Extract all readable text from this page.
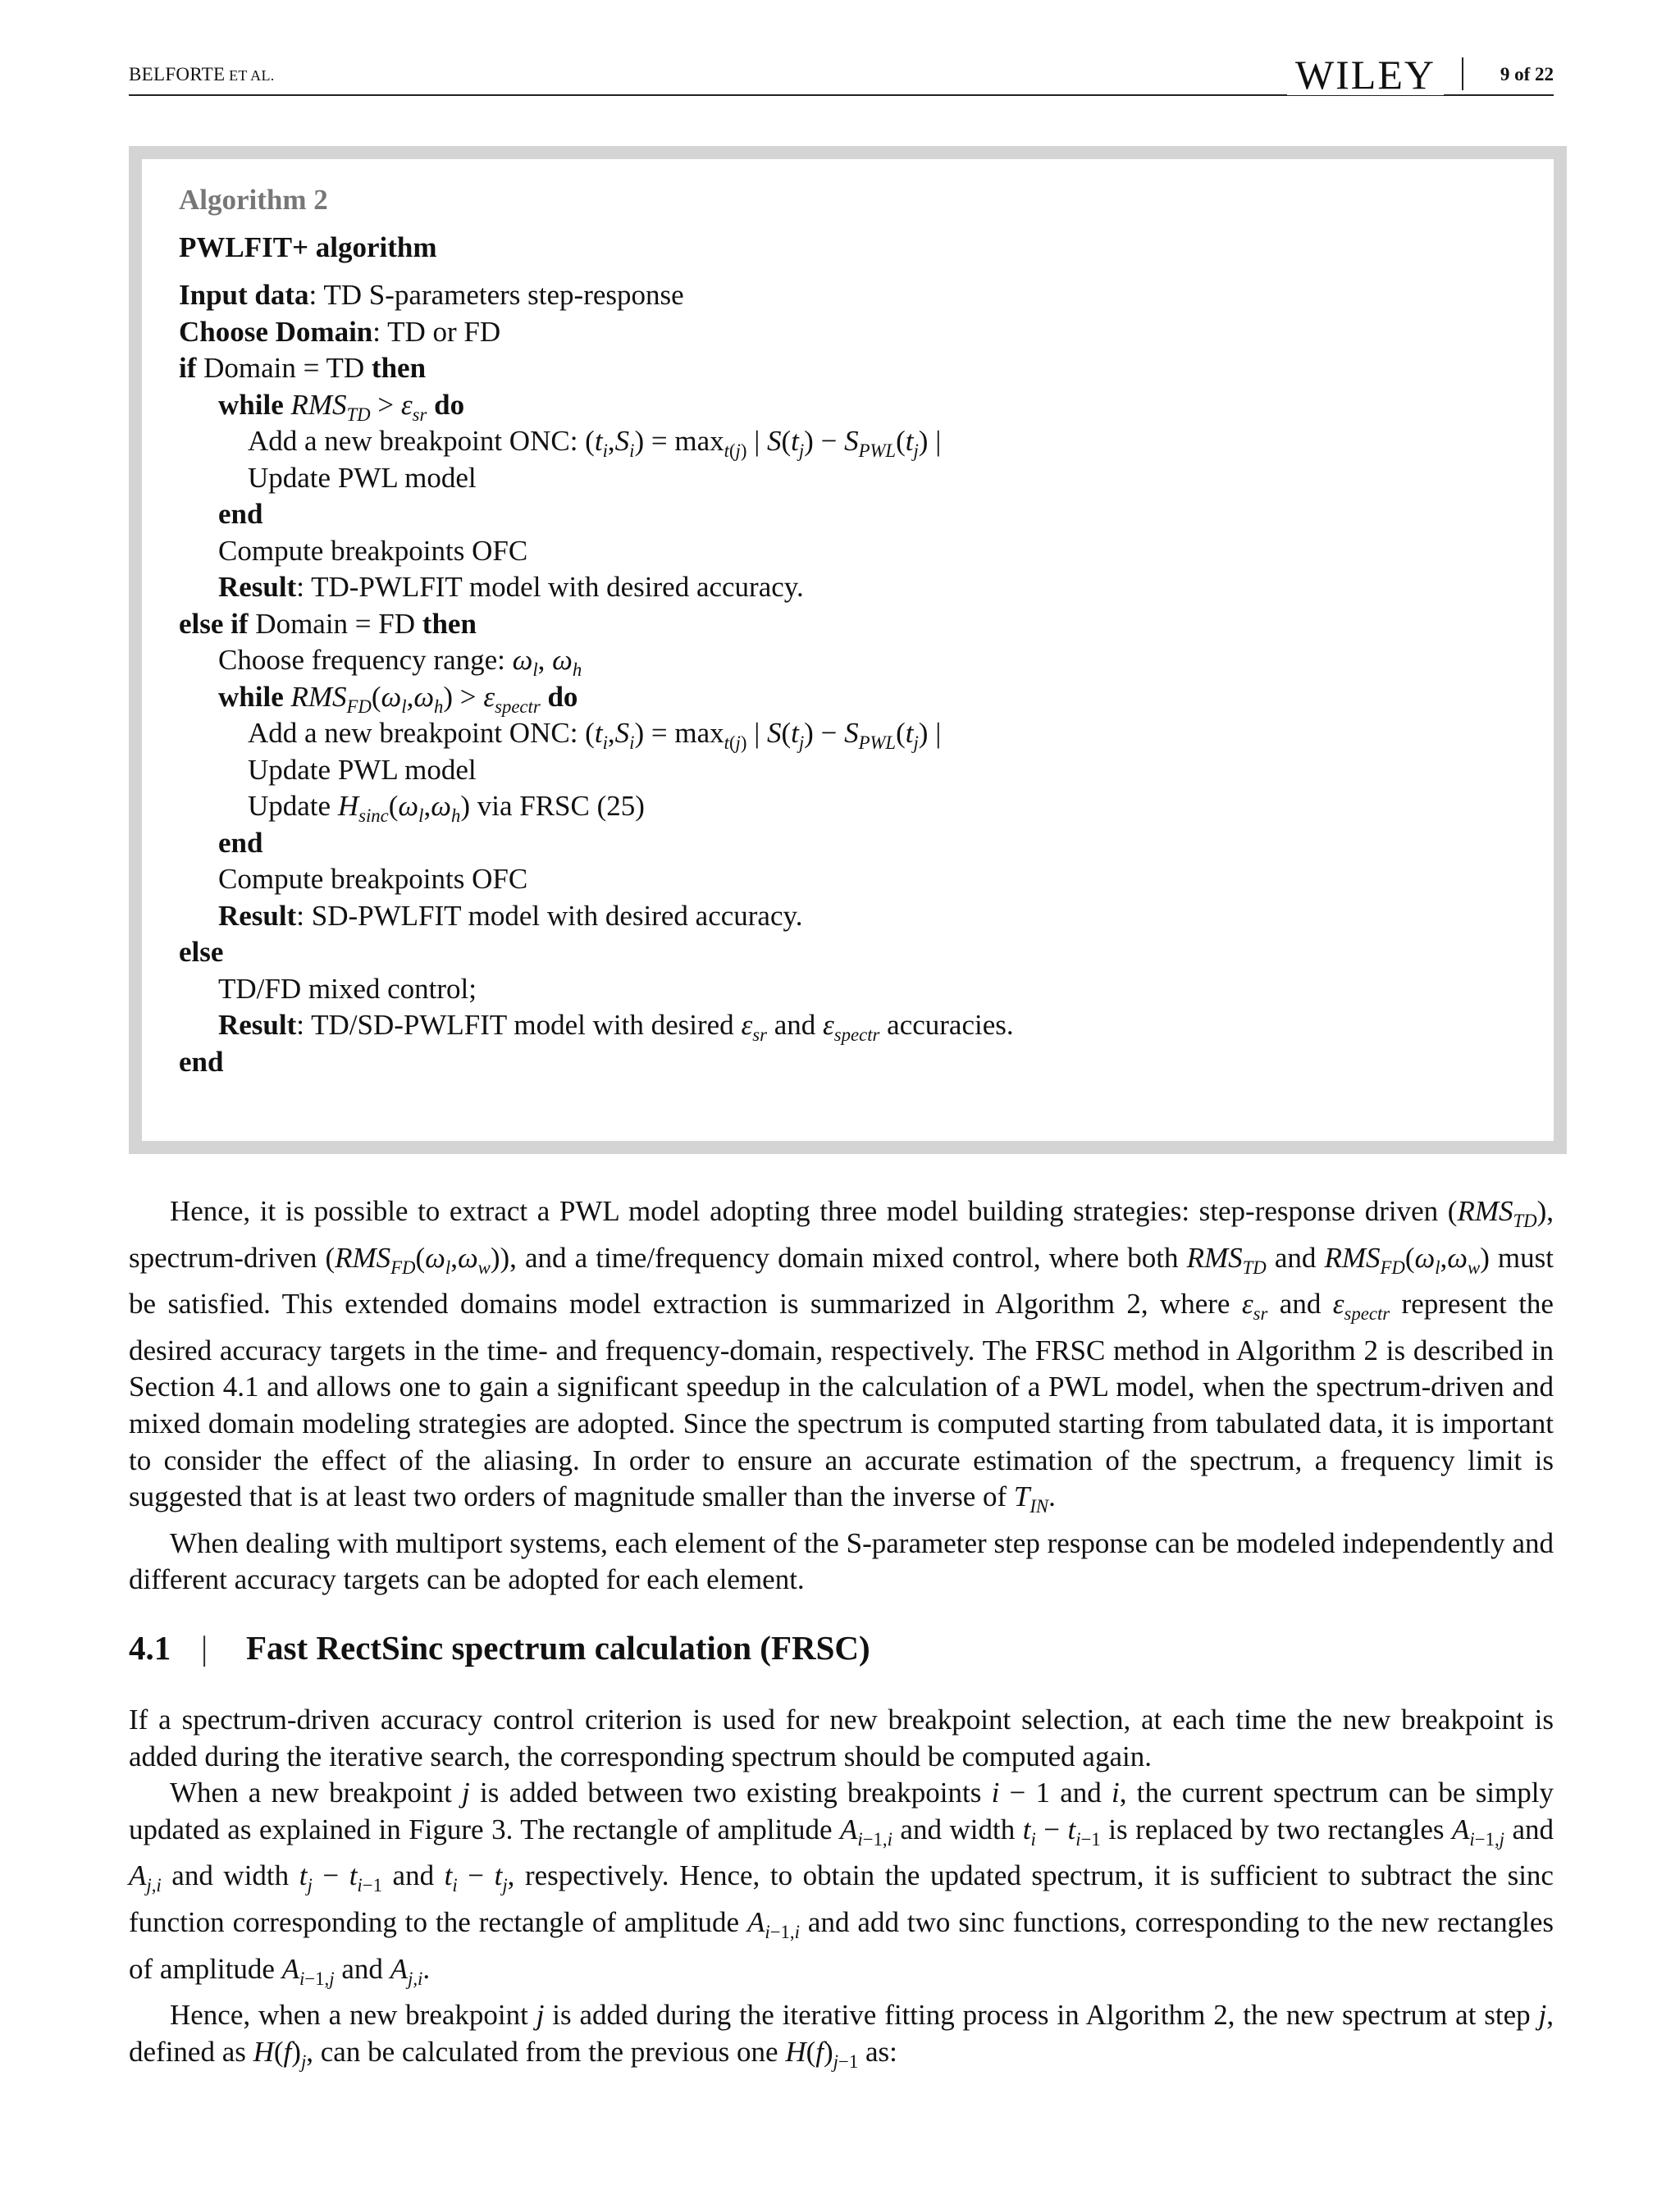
BELFORTE ET AL.	WILEY	9 of 22
Algorithm 2
PWLFIT+ algorithm
Input data: TD S-parameters step-response
Choose Domain: TD or FD
if Domain = TD then
while $RMS_{TD} > \varepsilon_{sr}$ do
Add a new breakpoint ONC: $(t_i,S_i) = \max_{t(j)}$ | $S(t_j) - S_{PWL}(t_j)$ |
Update PWL model
end
Compute breakpoints OFC
Result: TD-PWLFIT model with desired accuracy.
else if Domain = FD then
Choose frequency range: $\omega_l$, $\omega_h$
while $RMS_{FD}(\omega_l,\omega_h) > \varepsilon_{spectr}$ do
Add a new breakpoint ONC: $(t_i,S_i) = \max_{t(j)}$ | $S(t_j) - S_{PWL}(t_j)$ |
Update PWL model
Update $H_{sinc}(\omega_l,\omega_h)$ via FRSC (25)
end
Compute breakpoints OFC
Result: SD-PWLFIT model with desired accuracy.
else
TD/FD mixed control;
Result: TD/SD-PWLFIT model with desired $\varepsilon_{sr}$ and $\varepsilon_{spectr}$ accuracies.
end

Hence, it is possible to extract a PWL model adopting three model building strategies: step-response driven $(RMS_{TD})$, spectrum-driven $(RMS_{FD}(\omega_l,\omega_w))$, and a time/frequency domain mixed control, where both $RMS_{TD}$ and $RMS_{FD}(\omega_l,\omega_w)$ must be satisfied. This extended domains model extraction is summarized in Algorithm 2, where $\varepsilon_{sr}$ and $\varepsilon_{spectr}$ represent the desired accuracy targets in the time- and frequency-domain, respectively. The FRSC method in Algorithm 2 is described in Section 4.1 and allows one to gain a significant speedup in the calculation of a PWL model, when the spectrum-driven and mixed domain modeling strategies are adopted. Since the spectrum is computed starting from tabulated data, it is important to consider the effect of the aliasing. In order to ensure an accurate estimation of the spectrum, a frequency limit is suggested that is at least two orders of magnitude smaller than the inverse of $T_{IN}$.

When dealing with multiport systems, each element of the S-parameter step response can be modeled independently and different accuracy targets can be adopted for each element.

4.1 | Fast RectSinc spectrum calculation (FRSC)

If a spectrum-driven accuracy control criterion is used for new breakpoint selection, at each time the new breakpoint is added during the iterative search, the corresponding spectrum should be computed again.

When a new breakpoint j is added between two existing breakpoints i − 1 and i, the current spectrum can be simply updated as explained in Figure 3. The rectangle of amplitude $A_{i-1,i}$ and width $t_i - t_{i-1}$ is replaced by two rectangles $A_{i-1,j}$ and $A_{j,i}$ and width $t_j - t_{i-1}$ and $t_i - t_j$, respectively. Hence, to obtain the updated spectrum, it is sufficient to subtract the sinc function corresponding to the rectangle of amplitude $A_{i-1,i}$ and add two sinc functions, corresponding to the new rectangles of amplitude $A_{i-1,j}$ and $A_{j,i}$.

Hence, when a new breakpoint j is added during the iterative fitting process in Algorithm 2, the new spectrum at step j, defined as $H(f)_j$, can be calculated from the previous one $H(f)_{j-1}$ as:
